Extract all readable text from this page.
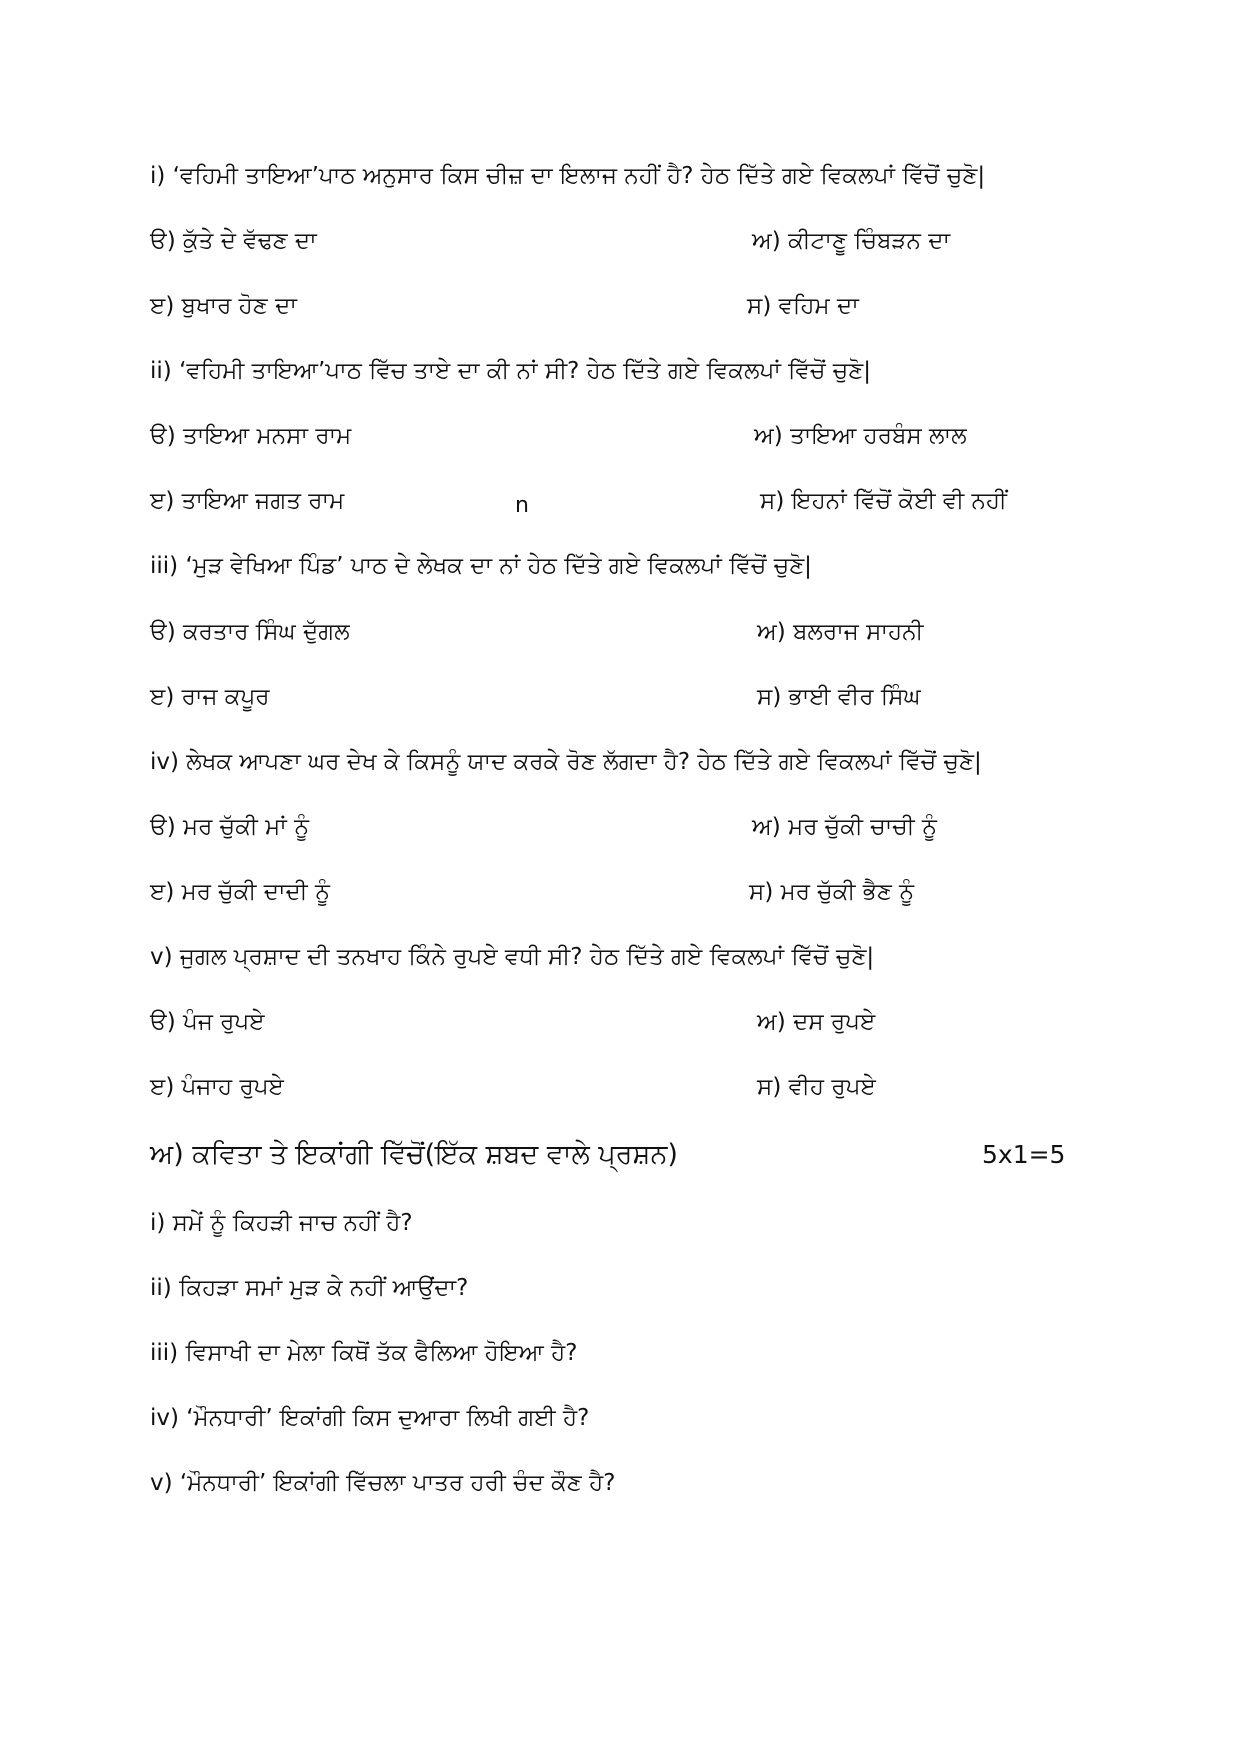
i) ‘ਵਹਿਮੀ ਤਾਇਆ’ਪਾਠ ਅਨੁਸਾਰ ਕਿਸ ਚੀਜ਼ ਦਾ ਇਲਾਜ ਨਹੀਂ ਹੈ? ਹੇਠ ਦਿੱਤੇ ਗਏ ਵਿਕਲਪਾਂ ਵਿੱਚੋਂ ਚੁਣੋ|
ੳ) ਕੁੱਤੇ ਦੇ ਵੱਢਣ ਦਾ	ਅ) ਕੀਟਾਣੂ ਚਿੰਬੜਨ ਦਾ
ੲ) ਬੁਖਾਰ ਹੋਣ ਦਾ	ਸ) ਵਹਿਮ ਦਾ
ii) ‘ਵਹਿਮੀ ਤਾਇਆ’ਪਾਠ ਵਿੱਚ ਤਾਏ ਦਾ ਕੀ ਨਾਂ ਸੀ? ਹੇਠ ਦਿੱਤੇ ਗਏ ਵਿਕਲਪਾਂ ਵਿੱਚੋਂ ਚੁਣੋ|
ੳ) ਤਾਇਆ ਮਨਸਾ ਰਾਮ	ਅ) ਤਾਇਆ ਹਰਬੰਸ ਲਾਲ
ੲ) ਤਾਇਆ ਜਗਤ ਰਾਮ	n	ਸ) ਇਹਨਾਂ ਵਿੱਚੋਂ ਕੋਈ ਵੀ ਨਹੀਂ
iii) ‘ਮੁੜ ਵੇਖਿਆ ਪਿੰਡ’ ਪਾਠ ਦੇ ਲੇਖਕ ਦਾ ਨਾਂ ਹੇਠ ਦਿੱਤੇ ਗਏ ਵਿਕਲਪਾਂ ਵਿੱਚੋਂ ਚੁਣੋ|
ੳ) ਕਰਤਾਰ ਸਿੰਘ ਦੁੱਗਲ	ਅ) ਬਲਰਾਜ ਸਾਹਨੀ
ੲ) ਰਾਜ ਕਪੂਰ	ਸ) ਭਾਈ ਵੀਰ ਸਿੰਘ
iv) ਲੇਖਕ ਆਪਣਾ ਘਰ ਦੇਖ ਕੇ ਕਿਸਨੂੰ ਯਾਦ ਕਰਕੇ ਰੋਣ ਲੱਗਦਾ ਹੈ? ਹੇਠ ਦਿੱਤੇ ਗਏ ਵਿਕਲਪਾਂ ਵਿੱਚੋਂ ਚੁਣੋ|
ੳ) ਮਰ ਚੁੱਕੀ ਮਾਂ ਨੂੰ	ਅ) ਮਰ ਚੁੱਕੀ ਚਾਚੀ ਨੂੰ
ੲ) ਮਰ ਚੁੱਕੀ ਦਾਦੀ ਨੂੰ	ਸ) ਮਰ ਚੁੱਕੀ ਭੈਣ ਨੂੰ
v) ਜੁਗਲ ਪ੍ਰਸ਼ਾਦ ਦੀ ਤਨਖਾਹ ਕਿੰਨੇ ਰੁਪਏ ਵਧੀ ਸੀ? ਹੇਠ ਦਿੱਤੇ ਗਏ ਵਿਕਲਪਾਂ ਵਿੱਚੋਂ ਚੁਣੋ|
ੳ) ਪੰਜ ਰੁਪਏ	ਅ) ਦਸ ਰੁਪਏ
ੲ) ਪੰਜਾਹ ਰੁਪਏ	ਸ) ਵੀਹ ਰੁਪਏ
ਅ) ਕਵਿਤਾ ਤੇ ਇਕਾਂਗੀ ਵਿੱਚੋਂ(ਇੱਕ ਸ਼ਬਦ ਵਾਲੇ ਪ੍ਰਸ਼ਨ)	5x1=5
i) ਸਮੇਂ ਨੂੰ ਕਿਹੜੀ ਜਾਚ ਨਹੀਂ ਹੈ?
ii) ਕਿਹੜਾ ਸਮਾਂ ਮੁੜ ਕੇ ਨਹੀਂ ਆਉਂਦਾ?
iii) ਵਿਸਾਖੀ ਦਾ ਮੇਲਾ ਕਿਥੋਂ ਤੱਕ ਫੈਲਿਆ ਹੋਇਆ ਹੈ?
iv) ‘ਮੌਨਧਾਰੀ’ ਇਕਾਂਗੀ ਕਿਸ ਦੁਆਰਾ ਲਿਖੀ ਗਈ ਹੈ?
v) ‘ਮੌਨਧਾਰੀ’ ਇਕਾਂਗੀ ਵਿੱਚਲਾ ਪਾਤਰ ਹਰੀ ਚੰਦ ਕੌਣ ਹੈ?
